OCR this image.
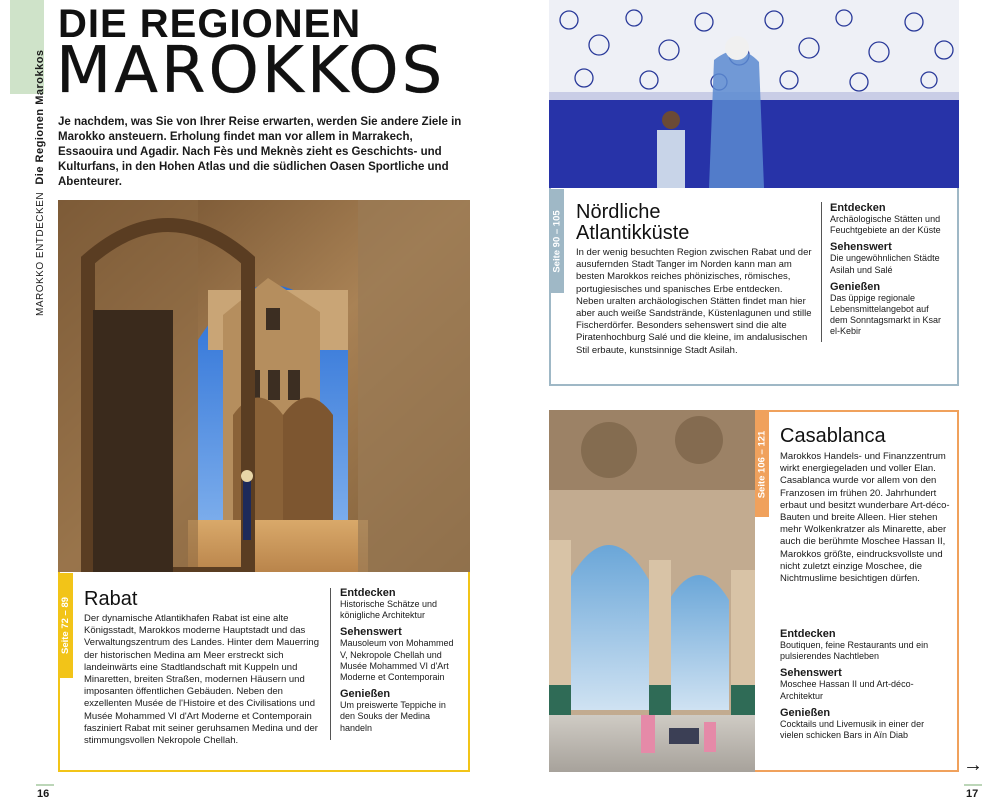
MAROKKO ENTDECKEN Die Regionen Marokkos
DIE REGIONEN
MAROKKOS
Je nachdem, was Sie von Ihrer Reise erwarten, werden Sie andere Ziele in Marokko ansteuern. Erholung findet man vor allem in Marrakech, Essaouira und Agadir. Nach Fès und Meknès zieht es Geschichts- und Kulturfans, in den Hohen Atlas und die südlichen Oasen Sportliche und Abenteurer.
Seite 72 – 89 Rabat
Der dynamische Atlantikhafen Rabat ist eine alte Königsstadt, Marokkos moderne Hauptstadt und das Verwaltungszentrum des Landes. Hinter dem Mauerring der historischen Medina am Meer erstreckt sich landeinwärts eine Stadtlandschaft mit Kuppeln und Minaretten, breiten Straßen, modernen Häusern und imposanten öffentlichen Gebäuden. Neben den exzellenten Musée de l'Histoire et des Civilisations und Musée Mohammed VI d'Art Moderne et Contemporain fasziniert Rabat mit seiner geruhsamen Medina und der stimmungsvollen Nekropole Chellah.
Entdecken

Historische Schätze und königliche Architektur

Sehenswert

Mausoleum von Mohammed V, Nekropole Chellah und Musée Mohammed VI d'Art Moderne et Contemporain

Genießen

Um preiswerte Teppiche in den Souks der Medina handeln

Seite 90 – 105 Nördliche
Atlantikküste
In der wenig besuchten Region zwischen Rabat und der ausufernden Stadt Tanger im Norden kann man am besten Marokkos reiches phönizisches, römisches, portugiesisches und spanisches Erbe entdecken. Neben uralten archäologischen Stätten findet man hier aber auch weiße Sandstrände, Küstenlagunen und stille Fischerdörfer. Besonders sehenswert sind die alte Piratenhochburg Salé und die kleine, im andalusischen Stil erbaute, kunstsinnige Stadt Asilah.
Entdecken

Archäologische Stätten und Feuchtgebiete an der Küste

Sehenswert

Die ungewöhnlichen Städte Asilah und Salé

Genießen

Das üppige regionale Lebensmittelangebot auf dem Sonntagsmarkt in Ksar el-Kebir

Seite 106 – 121 Casablanca
Marokkos Handels- und Finanzzentrum wirkt energiegeladen und voller Elan. Casablanca wurde vor allem von den Franzosen im frühen 20. Jahrhundert erbaut und besitzt wunderbare Art-déco-Bauten und breite Alleen. Hier stehen mehr Wolkenkratzer als Minarette, aber auch die berühmte Moschee Hassan II, Marokkos größte, eindrucksvollste und nicht zuletzt einzige Moschee, die Nichtmuslime besichtigen dürfen.
Entdecken

Boutiquen, feine Restaurants und ein pulsierendes Nachtleben

Sehenswert

Moschee Hassan II und Art-déco-Architektur

Genießen

Cocktails und Livemusik in einer der vielen schicken Bars in Aïn Diab

16	17
→
